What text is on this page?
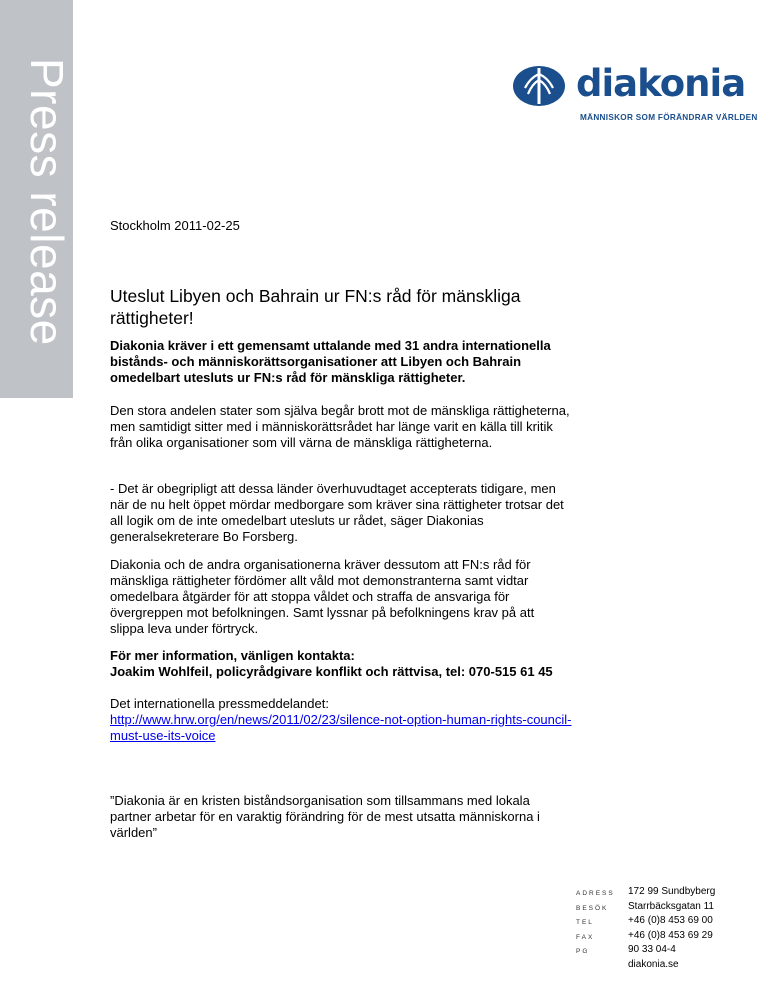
Press release	diakonia
MÄNNISKOR SOM FÖRÄNDRAR VÄRLDEN
Stockholm 2011-02-25
Uteslut Libyen och Bahrain ur FN:s råd för mänskliga rättigheter!
Diakonia kräver i ett gemensamt uttalande med 31 andra internationella bistånds- och människorättsorganisationer att Libyen och Bahrain omedelbart utesluts ur FN:s råd för mänskliga rättigheter.
Den stora andelen stater som själva begår brott mot de mänskliga rättigheterna, men samtidigt sitter med i människorättsrådet har länge varit en källa till kritik från olika organisationer som vill värna de mänskliga rättigheterna.
- Det är obegripligt att dessa länder överhuvudtaget accepterats tidigare, men när de nu helt öppet mördar medborgare som kräver sina rättigheter trotsar det all logik om de inte omedelbart utesluts ur rådet, säger Diakonias generalsekreterare Bo Forsberg.
Diakonia och de andra organisationerna kräver dessutom att FN:s råd för mänskliga rättigheter fördömer allt våld mot demonstranterna samt vidtar omedelbara åtgärder för att stoppa våldet och straffa de ansvariga för övergreppen mot befolkningen. Samt lyssnar på befolkningens krav på att slippa leva under förtryck.
För mer information, vänligen kontakta:
Joakim Wohlfeil, policyrådgivare konflikt och rättvisa, tel: 070-515 61 45
Det internationella pressmeddelandet:
http://www.hrw.org/en/news/2011/02/23/silence-not-option-human-rights-council-must-use-its-voice
”Diakonia är en kristen biståndsorganisation som tillsammans med lokala partner arbetar för en varaktig förändring för de mest utsatta människorna i världen”
ADRESS	172 99 Sundbyberg
BESÖK	Starrbäcksgatan 11
TEL	+46 (0)8 453 69 00
FAX	+46 (0)8 453 69 29
PG	90 33 04-4
diakonia.se
